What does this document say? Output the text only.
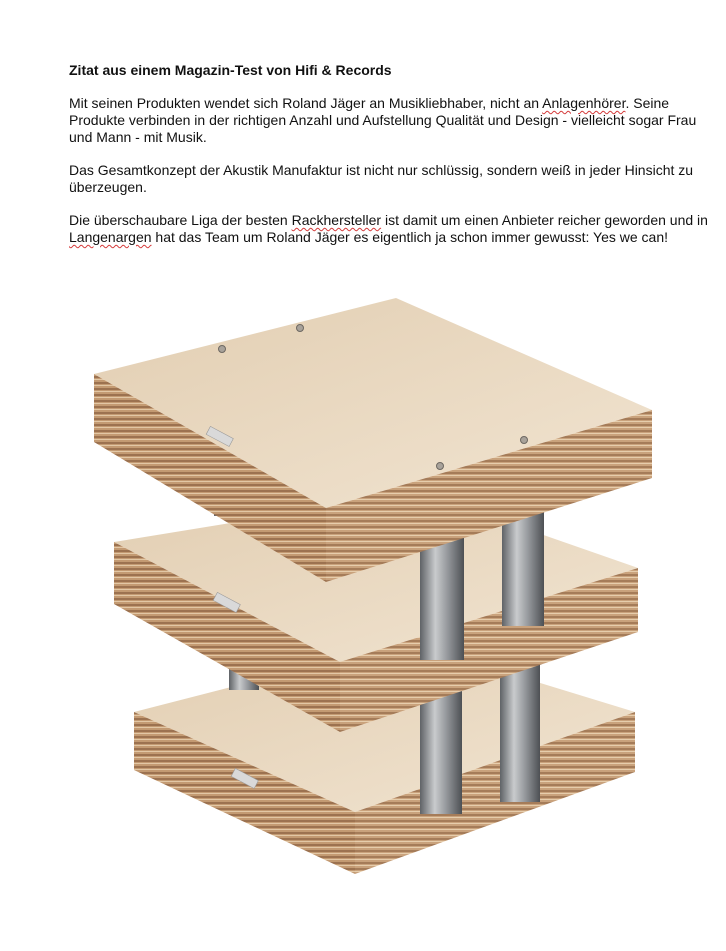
Zitat aus einem Magazin-Test von Hifi & Records

Mit seinen Produkten wendet sich Roland Jäger an Musikliebhaber, nicht an Anlagenhörer. Seine Produkte verbinden in der richtigen Anzahl und Aufstellung Qualität und Design - vielleicht sogar Frau und Mann - mit Musik.

Das Gesamtkonzept der Akustik Manufaktur ist nicht nur schlüssig, sondern weiß in jeder Hinsicht zu überzeugen.

Die überschaubare Liga der besten Rackhersteller ist damit um einen Anbieter reicher geworden und in Langenargen hat das Team um Roland Jäger es eigentlich ja schon immer gewusst: Yes we can!
